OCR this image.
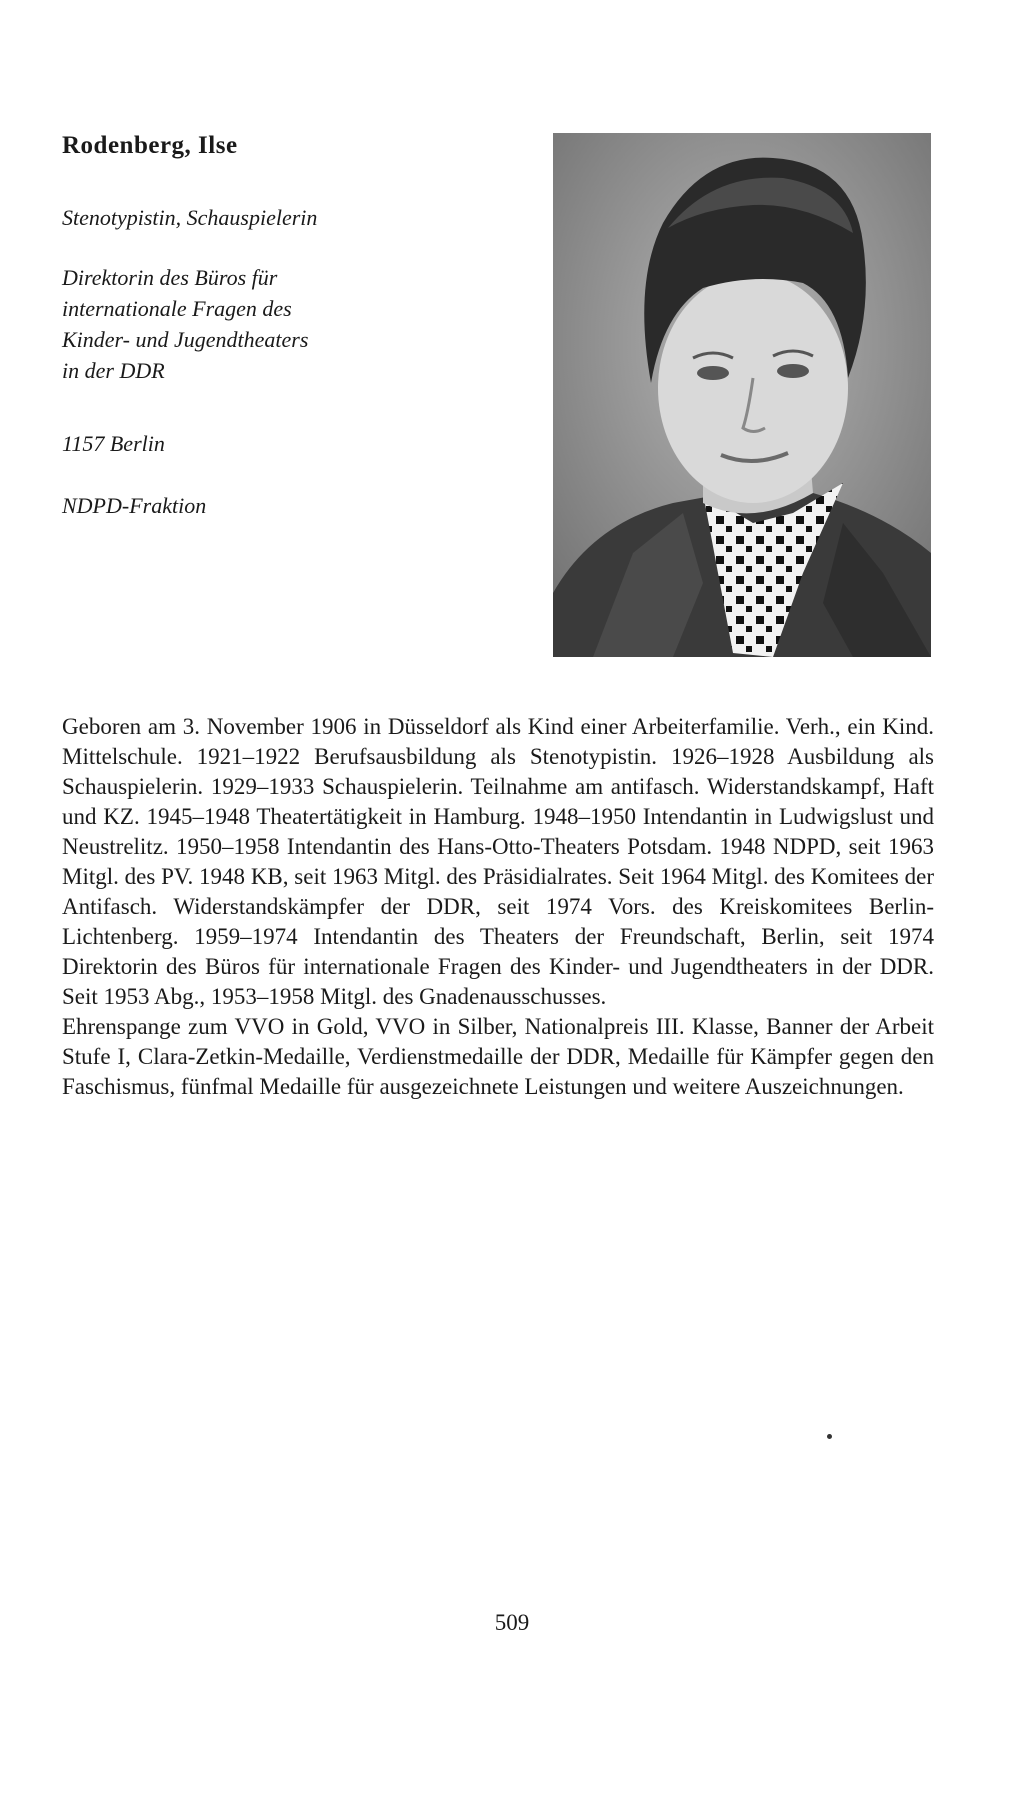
Rodenberg, Ilse
Stenotypistin, Schauspielerin
Direktorin des Büros für
internationale Fragen des
Kinder- und Jugendtheaters
in der DDR
1157 Berlin
NDPD-Fraktion

Geboren am 3. November 1906 in Düsseldorf als Kind einer Arbeiterfamilie. Verh., ein Kind. Mittelschule. 1921–1922 Berufsausbildung als Stenotypistin. 1926–1928 Ausbildung als Schauspielerin. 1929–1933 Schauspielerin. Teilnahme am antifasch. Widerstandskampf, Haft und KZ. 1945–1948 Theatertätigkeit in Hamburg. 1948–1950 Intendantin in Ludwigslust und Neustrelitz. 1950–1958 Intendantin des Hans-Otto-Theaters Potsdam. 1948 NDPD, seit 1963 Mitgl. des PV. 1948 KB, seit 1963 Mitgl. des Präsidialrates. Seit 1964 Mitgl. des Komitees der Antifasch. Widerstandskämpfer der DDR, seit 1974 Vors. des Kreiskomitees Berlin-Lichtenberg. 1959–1974 Intendantin des Theaters der Freundschaft, Berlin, seit 1974 Direktorin des Büros für internationale Fragen des Kinder- und Jugendtheaters in der DDR. Seit 1953 Abg., 1953–1958 Mitgl. des Gnadenausschusses.

Ehrenspange zum VVO in Gold, VVO in Silber, Nationalpreis III. Klasse, Banner der Arbeit Stufe I, Clara-Zetkin-Medaille, Verdienstmedaille der DDR, Medaille für Kämpfer gegen den Faschismus, fünfmal Medaille für ausgezeichnete Leistungen und weitere Auszeichnungen.

509
